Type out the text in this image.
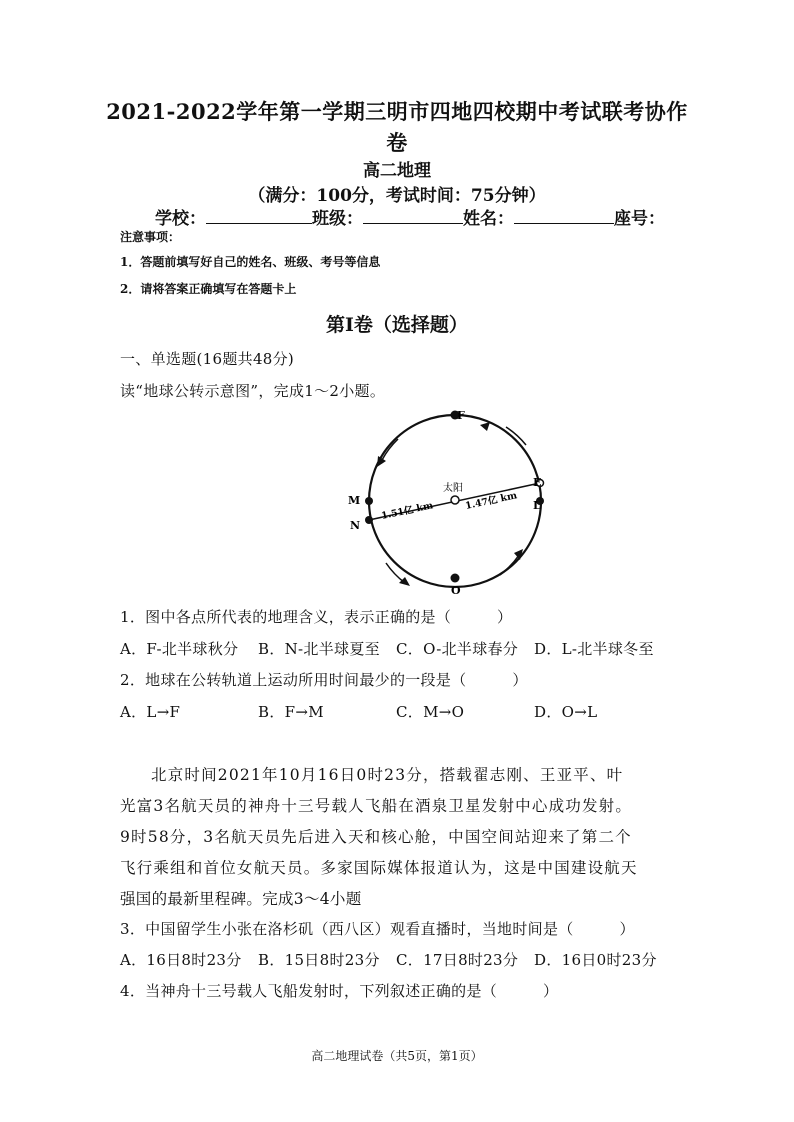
2021-2022学年第一学期三明市四地四校期中考试联考协作
卷
高二地理
（满分：100分，考试时间：75分钟）
学校：	班级：	姓名：	座号：
注意事项：
1．答题前填写好自己的姓名、班级、考号等信息
2．请将答案正确填写在答题卡上
第I卷（选择题）
一、单选题(16题共48分)
读“地球公转示意图”，完成1～2小题。
F
O
M
N
L
E
太阳
1.51亿 km	1.47亿 km
1．图中各点所代表的地理含义，表示正确的是（　　　）
A．F-北半球秋分 B．N-北半球夏至 C．O-北半球春分 D．L-北半球冬至
2．地球在公转轨道上运动所用时间最少的一段是（　　　）
A．L→F	B．F→M	C．M→O	D．O→L
北京时间2021年10月16日0时23分，搭载翟志刚、王亚平、叶
光富3名航天员的神舟十三号载人飞船在酒泉卫星发射中心成功发射。
9时58分，3名航天员先后进入天和核心舱，中国空间站迎来了第二个
飞行乘组和首位女航天员。多家国际媒体报道认为，这是中国建设航天
强国的最新里程碑。完成3～4小题
3．中国留学生小张在洛杉矶（西八区）观看直播时，当地时间是（　　　）
A．16日8时23分 B．15日8时23分 C．17日8时23分 D．16日0时23分
4．当神舟十三号载人飞船发射时，下列叙述正确的是（　　　）
高二地理试卷（共5页，第1页）
